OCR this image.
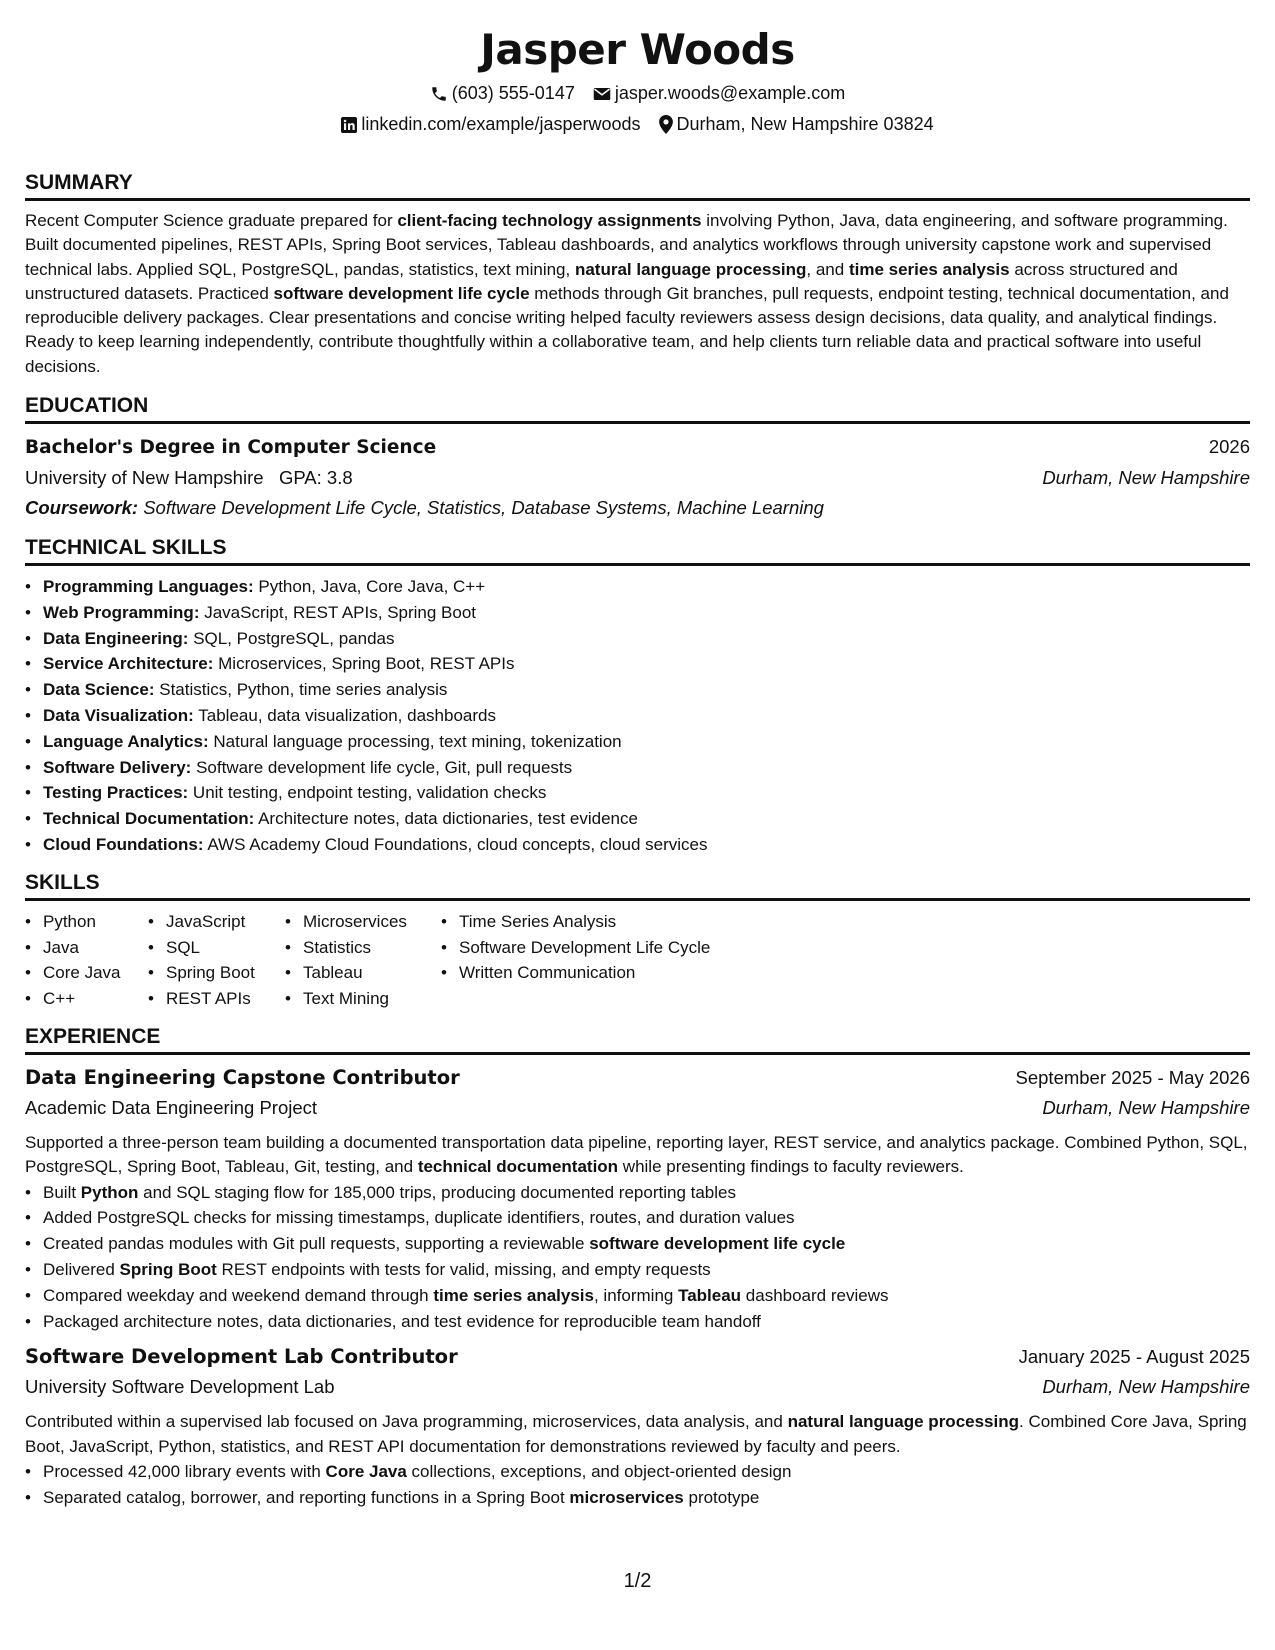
Jasper Woods
(603) 555-0147 jasper.woods@example.com
linkedin.com/example/jasperwoods Durham, New Hampshire 03824
SUMMARY

Recent Computer Science graduate prepared for client-facing technology assignments involving Python, Java, data engineering, and software programming. Built documented pipelines, REST APIs, Spring Boot services, Tableau dashboards, and analytics workflows through university capstone work and supervised technical labs. Applied SQL, PostgreSQL, pandas, statistics, text mining, natural language processing, and time series analysis across structured and unstructured datasets. Practiced software development life cycle methods through Git branches, pull requests, endpoint testing, technical documentation, and reproducible delivery packages. Clear presentations and concise writing helped faculty reviewers assess design decisions, data quality, and analytical findings. Ready to keep learning independently, contribute thoughtfully within a collaborative team, and help clients turn reliable data and practical software into useful decisions.

EDUCATION
Bachelor's Degree in Computer Science	2026
University of New Hampshire GPA: 3.8	Durham, New Hampshire
Coursework: Software Development Life Cycle, Statistics, Database Systems, Machine Learning
TECHNICAL SKILLS
• Programming Languages: Python, Java, Core Java, C++
• Web Programming: JavaScript, REST APIs, Spring Boot
• Data Engineering: SQL, PostgreSQL, pandas
• Service Architecture: Microservices, Spring Boot, REST APIs
• Data Science: Statistics, Python, time series analysis
• Data Visualization: Tableau, data visualization, dashboards
• Language Analytics: Natural language processing, text mining, tokenization
• Software Delivery: Software development life cycle, Git, pull requests
• Testing Practices: Unit testing, endpoint testing, validation checks
• Technical Documentation: Architecture notes, data dictionaries, test evidence
• Cloud Foundations: AWS Academy Cloud Foundations, cloud concepts, cloud services
SKILLS
• Python
• Java
• Core Java
• C++
• JavaScript
• SQL
• Spring Boot
• REST APIs
• Microservices
• Statistics
• Tableau
• Text Mining
• Time Series Analysis
• Software Development Life Cycle
• Written Communication
EXPERIENCE
Data Engineering Capstone Contributor	September 2025 - May 2026
Academic Data Engineering Project	Durham, New Hampshire

Supported a three-person team building a documented transportation data pipeline, reporting layer, REST service, and analytics package. Combined Python, SQL, PostgreSQL, Spring Boot, Tableau, Git, testing, and technical documentation while presenting findings to faculty reviewers.

• Built Python and SQL staging flow for 185,000 trips, producing documented reporting tables
• Added PostgreSQL checks for missing timestamps, duplicate identifiers, routes, and duration values
• Created pandas modules with Git pull requests, supporting a reviewable software development life cycle
• Delivered Spring Boot REST endpoints with tests for valid, missing, and empty requests
• Compared weekday and weekend demand through time series analysis, informing Tableau dashboard reviews
• Packaged architecture notes, data dictionaries, and test evidence for reproducible team handoff
Software Development Lab Contributor	January 2025 - August 2025
University Software Development Lab	Durham, New Hampshire

Contributed within a supervised lab focused on Java programming, microservices, data analysis, and natural language processing. Combined Core Java, Spring Boot, JavaScript, Python, statistics, and REST API documentation for demonstrations reviewed by faculty and peers.

• Processed 42,000 library events with Core Java collections, exceptions, and object-oriented design
• Separated catalog, borrower, and reporting functions in a Spring Boot microservices prototype
1/2
